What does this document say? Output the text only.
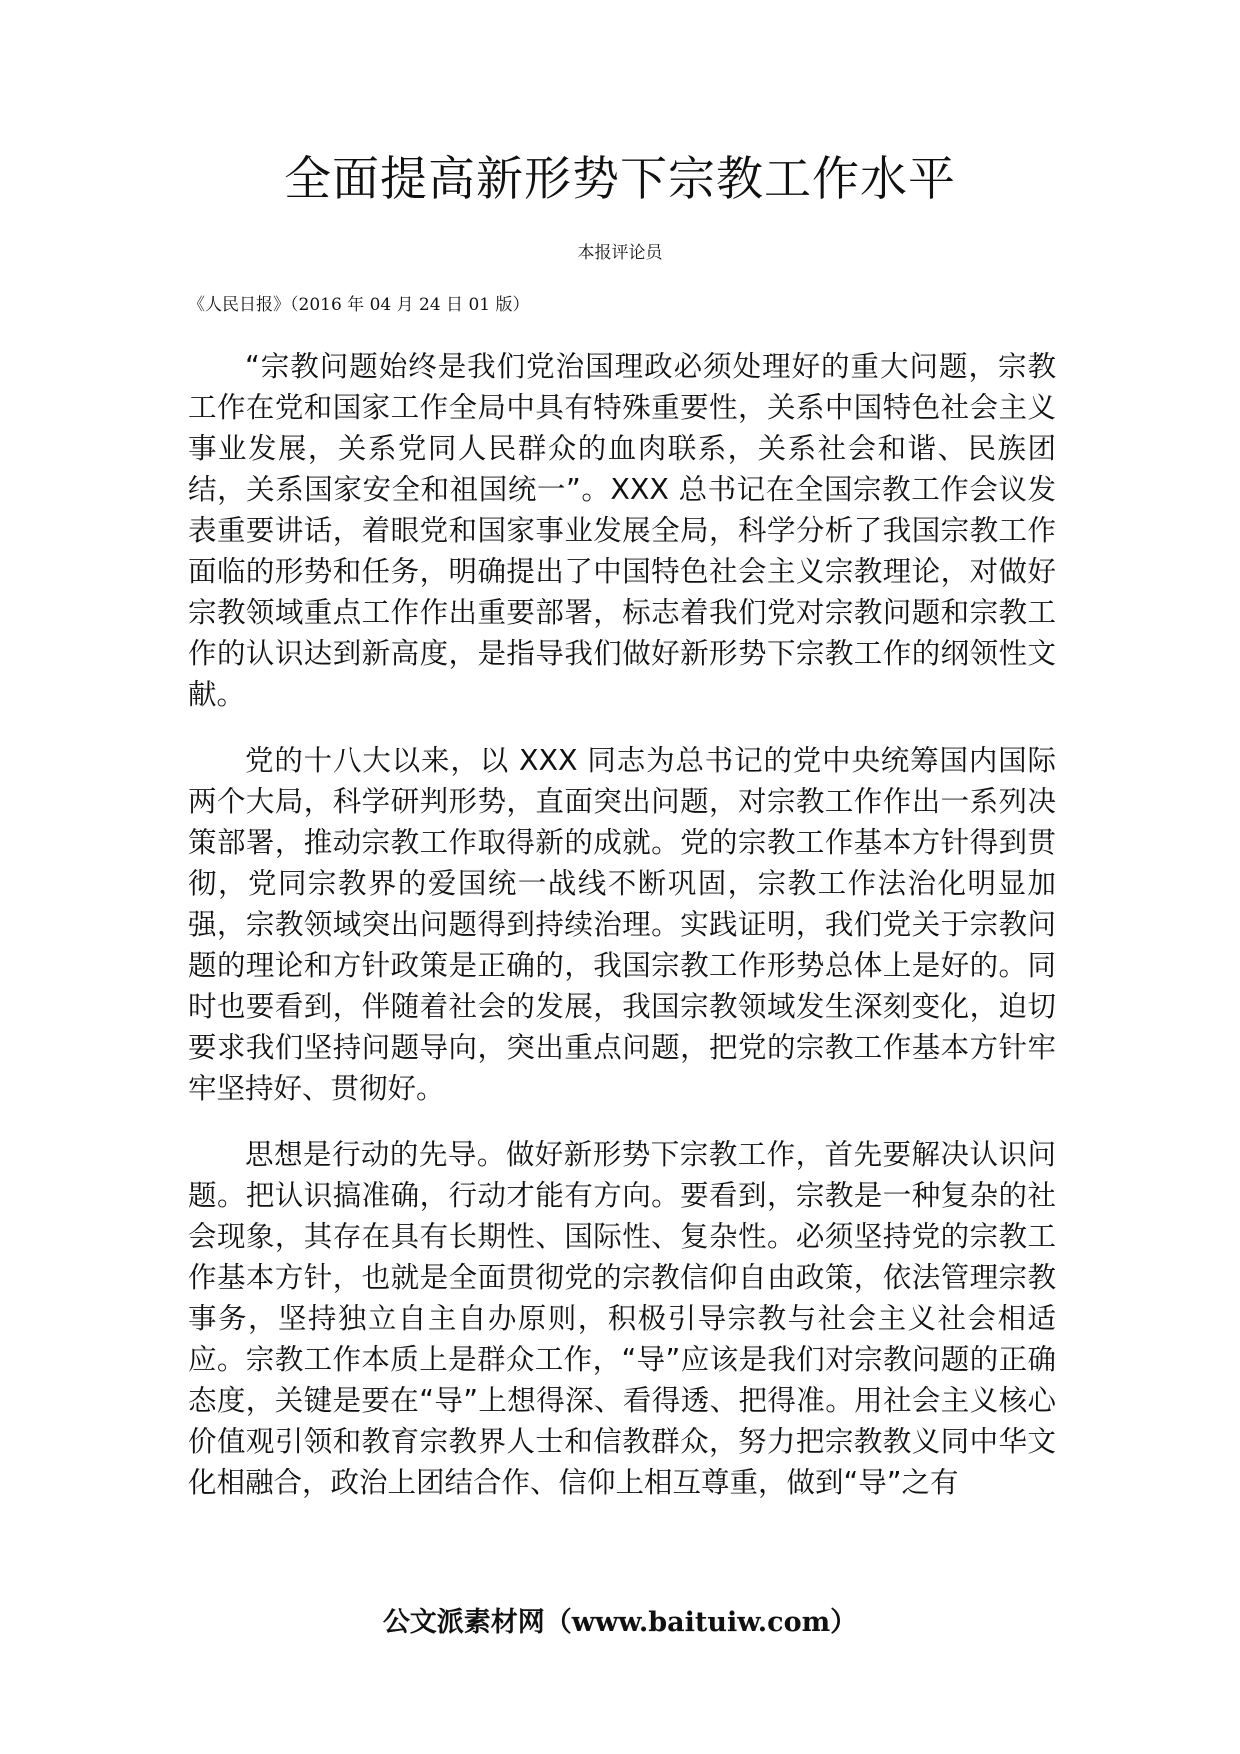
全面提高新形势下宗教工作水平

本报评论员

《人民日报》（2016 年 04 月 24 日 01 版）

“宗教问题始终是我们党治国理政必须处理好的重大问题，宗教工作在党和国家工作全局中具有特殊重要性，关系中国特色社会主义事业发展，关系党同人民群众的血肉联系，关系社会和谐、民族团结，关系国家安全和祖国统一”。XXX 总书记在全国宗教工作会议发表重要讲话，着眼党和国家事业发展全局，科学分析了我国宗教工作面临的形势和任务，明确提出了中国特色社会主义宗教理论，对做好宗教领域重点工作作出重要部署，标志着我们党对宗教问题和宗教工作的认识达到新高度，是指导我们做好新形势下宗教工作的纲领性文献。

党的十八大以来，以 XXX 同志为总书记的党中央统筹国内国际两个大局，科学研判形势，直面突出问题，对宗教工作作出一系列决策部署，推动宗教工作取得新的成就。党的宗教工作基本方针得到贯彻，党同宗教界的爱国统一战线不断巩固，宗教工作法治化明显加强，宗教领域突出问题得到持续治理。实践证明，我们党关于宗教问题的理论和方针政策是正确的，我国宗教工作形势总体上是好的。同时也要看到，伴随着社会的发展，我国宗教领域发生深刻变化，迫切要求我们坚持问题导向，突出重点问题，把党的宗教工作基本方针牢牢坚持好、贯彻好。

思想是行动的先导。做好新形势下宗教工作，首先要解决认识问题。把认识搞准确，行动才能有方向。要看到，宗教是一种复杂的社会现象，其存在具有长期性、国际性、复杂性。必须坚持党的宗教工作基本方针，也就是全面贯彻党的宗教信仰自由政策，依法管理宗教事务，坚持独立自主自办原则，积极引导宗教与社会主义社会相适应。宗教工作本质上是群众工作，“导”应该是我们对宗教问题的正确态度，关键是要在“导”上想得深、看得透、把得准。用社会主义核心价值观引领和教育宗教界人士和信教群众，努力把宗教教义同中华文化相融合，政治上团结合作、信仰上相互尊重，做到“导”之有

公文派素材网（www.baituiw.com）
